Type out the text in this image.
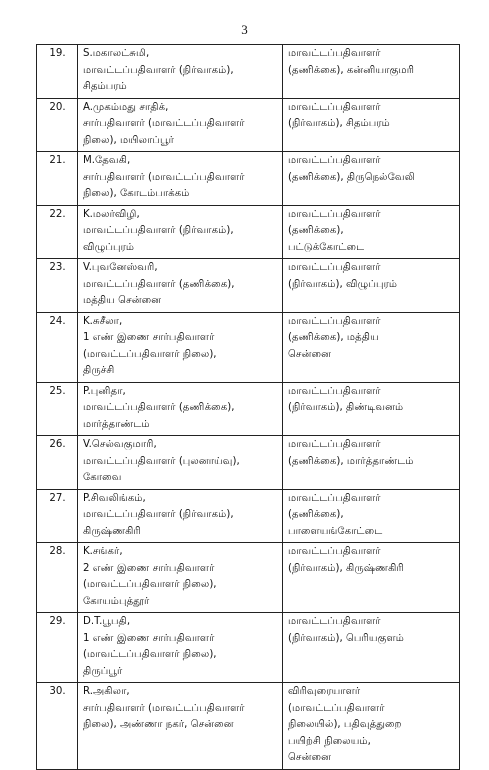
3
19.	S.மகாலட்சுமி,
மாவட்டப்பதிவாளர் (நிர்வாகம்),
சிதம்பரம்	மாவட்டப்பதிவாளர்
(தணிக்கை), கன்னியாகுமரி

20.	A.முகம்மது சாதிக்,
சார்பதிவாளர் (மாவட்டப்பதிவாளர்
நிலை), மயிலாப்பூர்	மாவட்டப்பதிவாளர்
(நிர்வாகம்), சிதம்பரம்

21.	M.தேவகி,
சார்பதிவாளர் (மாவட்டப்பதிவாளர்
நிலை), கோடம்பாக்கம்	மாவட்டப்பதிவாளர்
(தணிக்கை), திருநெல்வேலி

22.	K.மலர்விழி,
மாவட்டப்பதிவாளர் (நிர்வாகம்),
விழுப்புரம்	மாவட்டப்பதிவாளர்
(தணிக்கை),
பட்டுக்கோட்டை

23.	V.புவனேஸ்வரி,
மாவட்டப்பதிவாளர் (தணிக்கை),
மத்திய சென்னை	மாவட்டப்பதிவாளர்
(நிர்வாகம்), விழுப்புரம்

24.	K.சுசீலா,
1 எண் இணை சார்பதிவாளர்
(மாவட்டப்பதிவாளர் நிலை),
திருச்சி	மாவட்டப்பதிவாளர்
(தணிக்கை), மத்திய
சென்னை

25.	P.புனிதா,
மாவட்டப்பதிவாளர் (தணிக்கை),
மார்த்தாண்டம்	மாவட்டப்பதிவாளர்
(நிர்வாகம்), திண்டிவனம்

26.	V.செல்வகுமாரி,
மாவட்டப்பதிவாளர் (புலனாய்வு),
கோவை	மாவட்டப்பதிவாளர்
(தணிக்கை), மார்த்தாண்டம்

27.	P.சிவலிங்கம்,
மாவட்டப்பதிவாளர் (நிர்வாகம்),
கிருஷ்ணகிரி	மாவட்டப்பதிவாளர்
(தணிக்கை),
பாளையங்கோட்டை

28.	K.சங்கர்,
2 எண் இணை சார்பதிவாளர்
(மாவட்டப்பதிவாளர் நிலை),
கோயம்புத்தூர்	மாவட்டப்பதிவாளர்
(நிர்வாகம்), கிருஷ்ணகிரி

29.	D.T.பூபதி,
1 எண் இணை சார்பதிவாளர்
(மாவட்டப்பதிவாளர் நிலை),
திருப்பூர்	மாவட்டப்பதிவாளர்
(நிர்வாகம்), பெரியகுளம்

30.	R.அகிலா,
சார்பதிவாளர் (மாவட்டப்பதிவாளர்
நிலை), அண்ணா நகர், சென்னை	விரிவுரையாளர்
(மாவட்டப்பதிவாளர்
நிலையில்), பதிவுத்துறை
பயிற்சி நிலையம்,
சென்னை
